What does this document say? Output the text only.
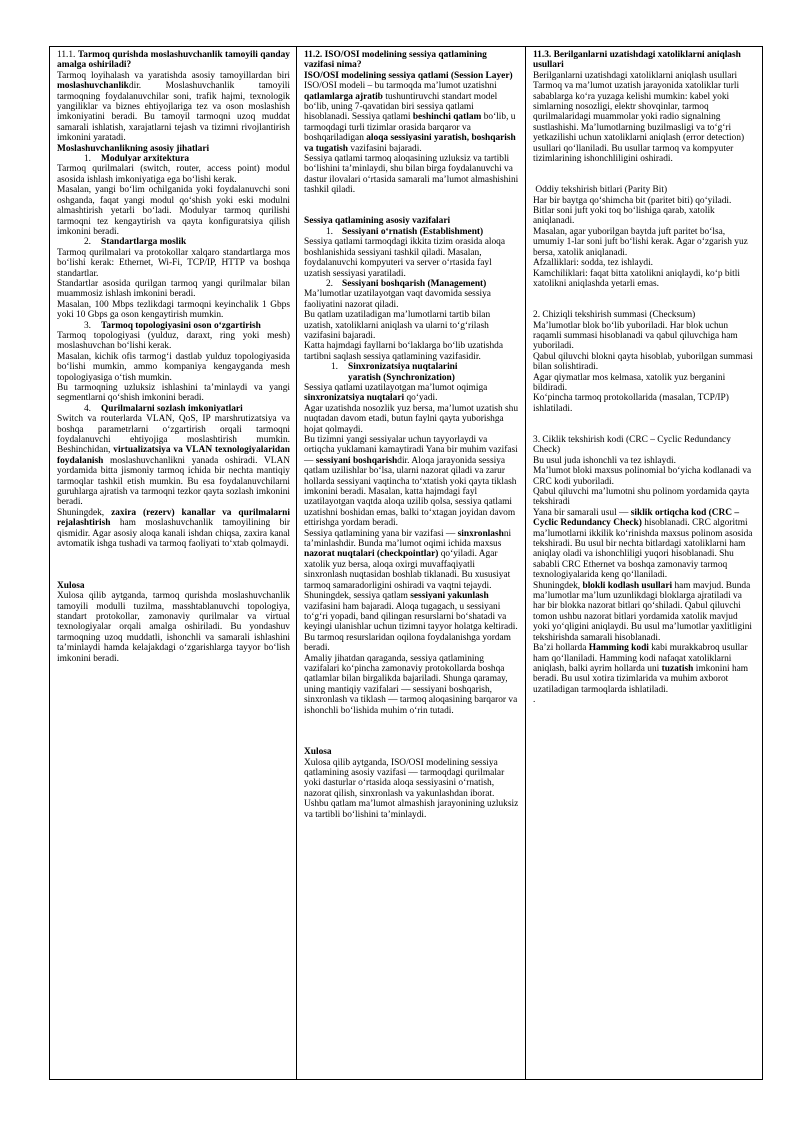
11.1. Tarmoq qurishda moslashuvchanlik tamoyili qanday amalga oshiriladi?

Tarmoq loyihalash va yaratishda asosiy tamoyillardan biri moslashuvchanlikdir. Moslashuvchanlik tamoyili tarmoqning foydalanuvchilar soni, trafik hajmi, texnologik yangiliklar va biznes ehtiyojlariga tez va oson moslashish imkoniyatini beradi. Bu tamoyil tarmoqni uzoq muddat samarali ishlatish, xarajatlarni tejash va tizimni rivojlantirish imkonini yaratadi.

Moslashuvchanlikning asosiy jihatlari

1.	Modulyar arxitektura

Tarmoq qurilmalari (switch, router, access point) modul asosida ishlash imkoniyatiga ega bo‘lishi kerak.

Masalan, yangi bo‘lim ochilganida yoki foydalanuvchi soni oshganda, faqat yangi modul qo‘shish yoki eski modulni almashtirish yetarli bo‘ladi. Modulyar tarmoq qurilishi tarmoqni tez kengaytirish va qayta konfiguratsiya qilish imkonini beradi.

2.	Standartlarga moslik

Tarmoq qurilmalari va protokollar xalqaro standartlarga mos bo‘lishi kerak: Ethernet, Wi-Fi, TCP/IP, HTTP va boshqa standartlar.

Standartlar asosida qurilgan tarmoq yangi qurilmalar bilan muammosiz ishlash imkonini beradi.

Masalan, 100 Mbps tezlikdagi tarmoqni keyinchalik 1 Gbps yoki 10 Gbps ga oson kengaytirish mumkin.

3.	Tarmoq topologiyasini oson o‘zgartirish

Tarmoq topologiyasi (yulduz, daraxt, ring yoki mesh) moslashuvchan bo‘lishi kerak.

Masalan, kichik ofis tarmog‘i dastlab yulduz topologiyasida bo‘lishi mumkin, ammo kompaniya kengayganda mesh topologiyasiga o‘tish mumkin.

Bu tarmoqning uzluksiz ishlashini ta’minlaydi va yangi segmentlarni qo‘shish imkonini beradi.

4.	Qurilmalarni sozlash imkoniyatlari

Switch va routerlarda VLAN, QoS, IP marshrutizatsiya va boshqa parametrlarni o‘zgartirish orqali tarmoqni foydalanuvchi ehtiyojiga moslashtirish mumkin. Beshinchidan, virtualizatsiya va VLAN texnologiyalaridan foydalanish moslashuvchanlikni yanada oshiradi. VLAN yordamida bitta jismoniy tarmoq ichida bir nechta mantiqiy tarmoqlar tashkil etish mumkin. Bu esa foydalanuvchilarni guruhlarga ajratish va tarmoqni tezkor qayta sozlash imkonini beradi.

Shuningdek, zaxira (rezerv) kanallar va qurilmalarni rejalashtirish ham moslashuvchanlik tamoyilining bir qismidir. Agar asosiy aloqa kanali ishdan chiqsa, zaxira kanal avtomatik ishga tushadi va tarmoq faoliyati to‘xtab qolmaydi.

Xulosa

Xulosa qilib aytganda, tarmoq qurishda moslashuvchanlik tamoyili modulli tuzilma, masshtablanuvchi topologiya, standart protokollar, zamonaviy qurilmalar va virtual texnologiyalar orqali amalga oshiriladi. Bu yondashuv tarmoqning uzoq muddatli, ishonchli va samarali ishlashini ta’minlaydi hamda kelajakdagi o‘zgarishlarga tayyor bo‘lish imkonini beradi.

11.2. ISO/OSI modelining sessiya qatlamining vazifasi nima?

ISO/OSI modelining sessiya qatlami (Session Layer)

ISO/OSI modeli – bu tarmoqda ma’lumot uzatishni qatlamlarga ajratib tushuntiruvchi standart model bo‘lib, uning 7-qavatidan biri sessiya qatlami hisoblanadi. Sessiya qatlami beshinchi qatlam bo‘lib, u tarmoqdagi turli tizimlar orasida barqaror va boshqariladigan aloqa sessiyasini yaratish, boshqarish va tugatish vazifasini bajaradi.

Sessiya qatlami tarmoq aloqasining uzluksiz va tartibli bo‘lishini ta’minlaydi, shu bilan birga foydalanuvchi va dastur ilovalari o‘rtasida samarali ma’lumot almashishini tashkil qiladi.

Sessiya qatlamining asosiy vazifalari

1. Sessiyani o‘rnatish (Establishment)

Sessiya qatlami tarmoqdagi ikkita tizim orasida aloqa boshlanishida sessiyani tashkil qiladi. Masalan, foydalanuvchi kompyuteri va server o‘rtasida fayl uzatish sessiyasi yaratiladi.

2. Sessiyani boshqarish (Management)

Ma’lumotlar uzatilayotgan vaqt davomida sessiya faoliyatini nazorat qiladi.

Bu qatlam uzatiladigan ma’lumotlarni tartib bilan uzatish, xatoliklarni aniqlash va ularni to‘g‘rilash vazifasini bajaradi.

Katta hajmdagi fayllarni bo‘laklarga bo‘lib uzatishda tartibni saqlash sessiya qatlamining vazifasidir.

1.	Sinxronizatsiya nuqtalarini

yaratish (Synchronization)

Sessiya qatlami uzatilayotgan ma’lumot oqimiga sinxronizatsiya nuqtalari qo‘yadi.

Agar uzatishda nosozlik yuz bersa, ma’lumot uzatish shu nuqtadan davom etadi, butun faylni qayta yuborishga hojat qolmaydi.

Bu tizimni yangi sessiyalar uchun tayyorlaydi va ortiqcha yuklamani kamaytiradi Yana bir muhim vazifasi — sessiyani boshqarishdir. Aloqa jarayonida sessiya qatlam uzilishlar bo‘lsa, ularni nazorat qiladi va zarur hollarda sessiyani vaqtincha to‘xtatish yoki qayta tiklash imkonini beradi. Masalan, katta hajmdagi fayl uzatilayotgan vaqtda aloqa uzilib qolsa, sessiya qatlami uzatishni boshidan emas, balki to‘xtagan joyidan davom ettirishga yordam beradi.

Sessiya qatlamining yana bir vazifasi — sinxronlashni ta’minlashdir. Bunda ma’lumot oqimi ichida maxsus nazorat nuqtalari (checkpointlar) qo‘yiladi. Agar xatolik yuz bersa, aloqa oxirgi muvaffaqiyatli sinxronlash nuqtasidan boshlab tiklanadi. Bu xususiyat tarmoq samaradorligini oshiradi va vaqtni tejaydi.

Shuningdek, sessiya qatlam sessiyani yakunlash vazifasini ham bajaradi. Aloqa tugagach, u sessiyani to‘g‘ri yopadi, band qilingan resurslarni bo‘shatadi va keyingi ulanishlar uchun tizimni tayyor holatga keltiradi. Bu tarmoq resurslaridan oqilona foydalanishga yordam beradi.

Amaliy jihatdan qaraganda, sessiya qatlamining vazifalari ko‘pincha zamonaviy protokollarda boshqa qatlamlar bilan birgalikda bajariladi. Shunga qaramay, uning mantiqiy vazifalari — sessiyani boshqarish, sinxronlash va tiklash — tarmoq aloqasining barqaror va ishonchli bo‘lishida muhim o‘rin tutadi.

Xulosa

Xulosa qilib aytganda, ISO/OSI modelining sessiya qatlamining asosiy vazifasi — tarmoqdagi qurilmalar yoki dasturlar o‘rtasida aloqa sessiyasini o‘rnatish, nazorat qilish, sinxronlash va yakunlashdan iborat. Ushbu qatlam ma’lumot almashish jarayonining uzluksiz va tartibli bo‘lishini ta’minlaydi.

11.3. Berilganlarni uzatishdagi xatoliklarni aniqlash usullari

Berilganlarni uzatishdagi xatoliklarni aniqlash usullari

Tarmoq va ma’lumot uzatish jarayonida xatoliklar turli sabablarga ko‘ra yuzaga kelishi mumkin: kabel yoki simlarning nosozligi, elektr shovqinlar, tarmoq qurilmalaridagi muammolar yoki radio signalning sustlashishi. Ma’lumotlarning buzilmasligi va to‘g‘ri yetkazilishi uchun xatoliklarni aniqlash (error detection) usullari qo‘llaniladi. Bu usullar tarmoq va kompyuter tizimlarining ishonchliligini oshiradi.

Oddiy tekshirish bitlari (Parity Bit)

Har bir baytga qo‘shimcha bit (paritet biti) qo‘yiladi.

Bitlar soni juft yoki toq bo‘lishiga qarab, xatolik aniqlanadi.

Masalan, agar yuborilgan baytda juft paritet bo‘lsa, umumiy 1-lar soni juft bo‘lishi kerak. Agar o‘zgarish yuz bersa, xatolik aniqlanadi.

Afzalliklari: sodda, tez ishlaydi.

Kamchiliklari: faqat bitta xatolikni aniqlaydi, ko‘p bitli xatolikni aniqlashda yetarli emas.

2. Chiziqli tekshirish summasi (Checksum)

Ma’lumotlar blok bo‘lib yuboriladi. Har blok uchun raqamli summasi hisoblanadi va qabul qiluvchiga ham yuboriladi.

Qabul qiluvchi blokni qayta hisoblab, yuborilgan summasi bilan solishtiradi.

Agar qiymatlar mos kelmasa, xatolik yuz berganini bildiradi.

Ko‘pincha tarmoq protokollarida (masalan, TCP/IP) ishlatiladi.

3. Ciklik tekshirish kodi (CRC – Cyclic Redundancy Check)

Bu usul juda ishonchli va tez ishlaydi.

Ma’lumot bloki maxsus polinomial bo‘yicha kodlanadi va CRC kodi yuboriladi.

Qabul qiluvchi ma’lumotni shu polinom yordamida qayta tekshiradi

Yana bir samarali usul — siklik ortiqcha kod (CRC – Cyclic Redundancy Check) hisoblanadi. CRC algoritmi ma’lumotlarni ikkilik ko‘rinishda maxsus polinom asosida tekshiradi. Bu usul bir nechta bitlardagi xatoliklarni ham aniqlay oladi va ishonchliligi yuqori hisoblanadi. Shu sababli CRC Ethernet va boshqa zamonaviy tarmoq texnologiyalarida keng qo‘llaniladi.

Shuningdek, blokli kodlash usullari ham mavjud. Bunda ma’lumotlar ma’lum uzunlikdagi bloklarga ajratiladi va har bir blokka nazorat bitlari qo‘shiladi. Qabul qiluvchi tomon ushbu nazorat bitlari yordamida xatolik mavjud yoki yo‘qligini aniqlaydi. Bu usul ma’lumotlar yaxlitligini tekshirishda samarali hisoblanadi.

Ba’zi hollarda Hamming kodi kabi murakkabroq usullar ham qo‘llaniladi. Hamming kodi nafaqat xatoliklarni aniqlash, balki ayrim hollarda uni tuzatish imkonini ham beradi. Bu usul xotira tizimlarida va muhim axborot uzatiladigan tarmoqlarda ishlatiladi.

.
